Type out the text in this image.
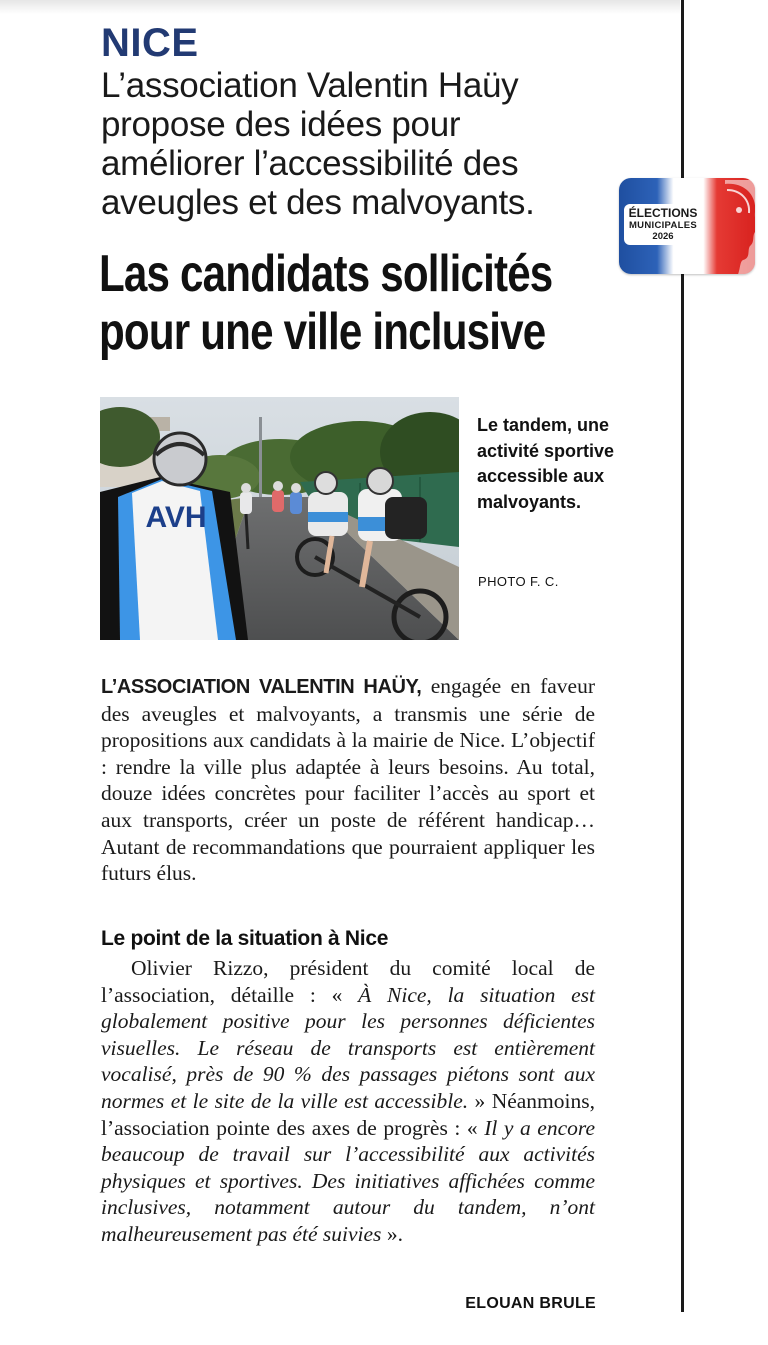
NICE

L’association Valentin Haüy propose des idées pour améliorer l’accessibilité des aveugles et des malvoyants.

Las candidats sollicités
pour une ville inclusive
ÉLECTIONS
MUNICIPALES
2026
AVH

Le tandem, une activité sportive accessible aux malvoyants.

PHOTO F. C.

L’ASSOCIATION VALENTIN HAÜY, engagée en faveur des aveugles et malvoyants, a transmis une série de propositions aux candidats à la mairie de Nice. L’objectif : rendre la ville plus adaptée à leurs besoins. Au total, douze idées concrètes pour faciliter l’accès au sport et aux transports, créer un poste de référent handicap… Autant de recommandations que pourraient appliquer les futurs élus.

Le point de la situation à Nice

Olivier Rizzo, président du comité local de l’association, détaille : « À Nice, la situation est globalement positive pour les personnes déficientes visuelles. Le réseau de transports est entièrement vocalisé, près de 90 % des passages piétons sont aux normes et le site de la ville est accessible. » Néanmoins, l’association pointe des axes de progrès : « Il y a encore beaucoup de travail sur l’accessibilité aux activités physiques et sportives. Des initiatives affichées comme inclusives, notamment autour du tandem, n’ont malheureusement pas été suivies ».

ELOUAN BRULE
